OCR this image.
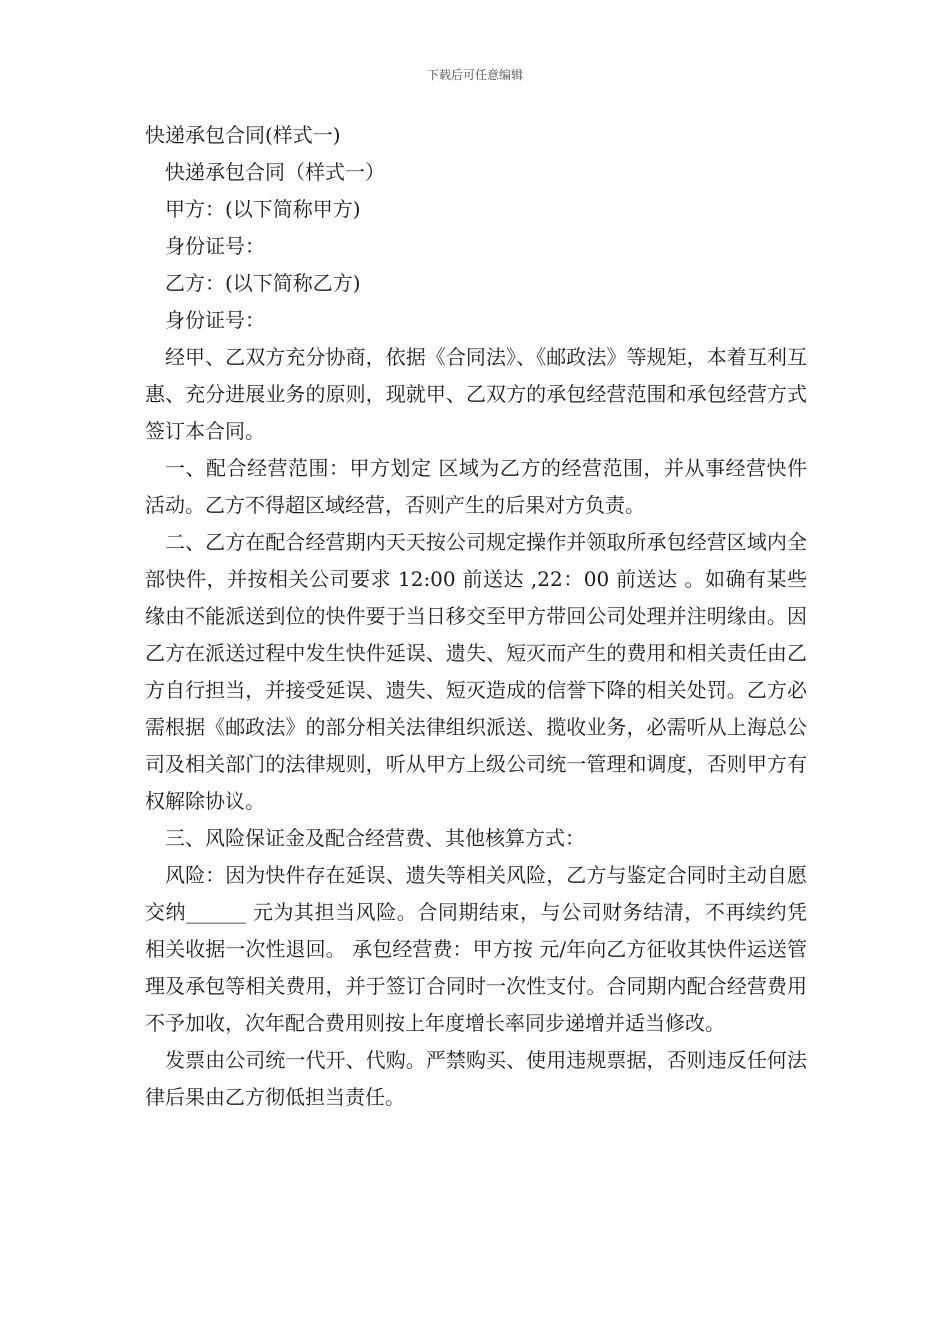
下载后可任意编辑

快递承包合同(样式一)

快递承包合同（样式一）

甲方：(以下简称甲方)

身份证号：

乙方：(以下简称乙方)

身份证号：

经甲、乙双方充分协商，依据《合同法》、《邮政法》等规矩，本着互利互惠、充分进展业务的原则，现就甲、乙双方的承包经营范围和承包经营方式签订本合同。

一、配合经营范围：甲方划定 区域为乙方的经营范围，并从事经营快件活动。乙方不得超区域经营，否则产生的后果对方负责。

二、乙方在配合经营期内天天按公司规定操作并领取所承包经营区域内全部快件，并按相关公司要求 12:00 前送达 ,22：00 前送达 。如确有某些缘由不能派送到位的快件要于当日移交至甲方带回公司处理并注明缘由。因乙方在派送过程中发生快件延误、遗失、短灭而产生的费用和相关责任由乙方自行担当，并接受延误、遗失、短灭造成的信誉下降的相关处罚。乙方必需根据《邮政法》的部分相关法律组织派送、揽收业务，必需听从上海总公司及相关部门的法律规则，听从甲方上级公司统一管理和调度，否则甲方有权解除协议。

三、风险保证金及配合经营费、其他核算方式：

风险：因为快件存在延误、遗失等相关风险，乙方与鉴定合同时主动自愿交纳______ 元为其担当风险。合同期结束，与公司财务结清，不再续约凭相关收据一次性退回。 承包经营费：甲方按 元/年向乙方征收其快件运送管理及承包等相关费用，并于签订合同时一次性支付。合同期内配合经营费用不予加收，次年配合费用则按上年度增长率同步递增并适当修改。

发票由公司统一代开、代购。严禁购买、使用违规票据，否则违反任何法律后果由乙方彻低担当责任。
